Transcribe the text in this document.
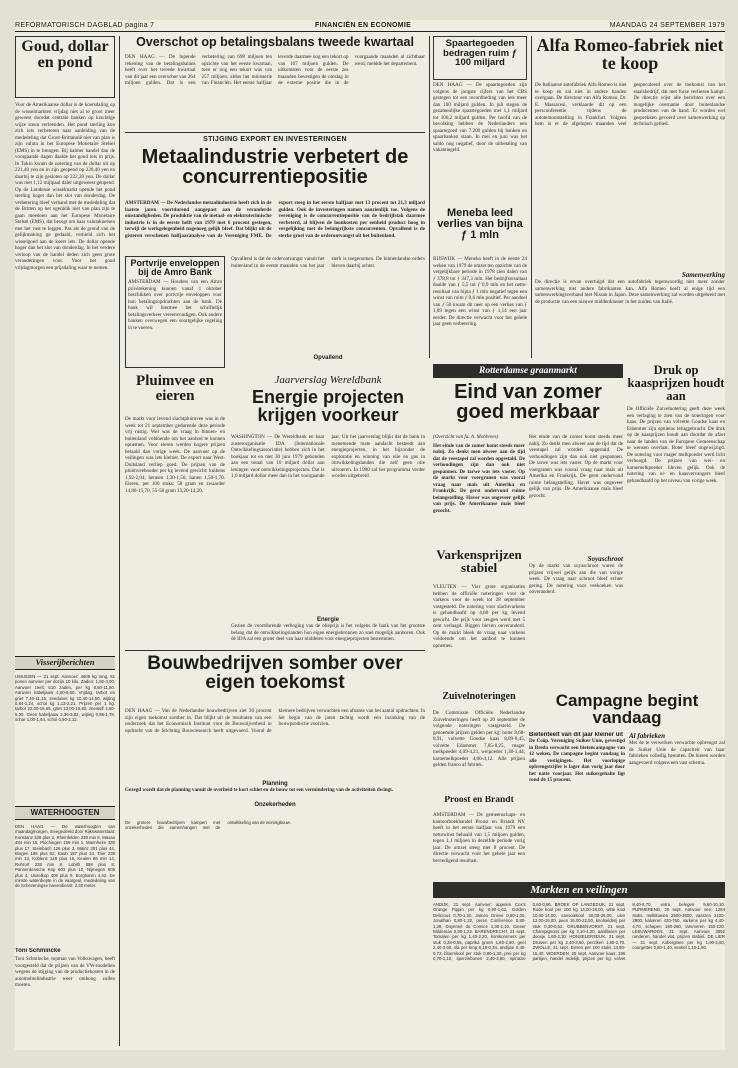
REFORMATORISCH DAGBLAD pagina 7	FINANCIËN EN ECONOMIE	MAANDAG 24 SEPTEMBER 1979
Goud, dollar en pond
Voor de Amerikaanse dollar is de koersdaling op de wisselmarkten vrijdag niet al te groot meer geweest doordat centrale banken op krachtige wijze steun verleenden. Het pond sterling kon zich iets verbeteren naar aanleiding van de mededeling dat Groot-Brittannië niet van plan is zijn valuta in het Europese Monetaire Stelsel (EMS) in te brengen. Bij kalmer handel dan de voorgaande dagen daalde het goud iets in prijs. In Tokio kwam de notering van de dollar uit op 221,40 yen en in zijn geopend op 220,40 yen en daarbij te zijn gesloten op 222,20 yen. De dollar was met 1,12 mijlpaal daler uitgeweest geopend. Op de Londense wisselmarkt opende het pond sterling hoger dan het slot van donderdag. De verbetering bleef verband met de mededeling dat de Britten op het ogenblik niet van plan zijn te gaan meedoen aan het Europese Monetaire Stelsel (EMS), dat besogt om haar valutakoersen met het vast te leggen. Pas als de grond van de gelijkmaking ge gedaald, verhield zich het wisselgoed aan de koers iets. De dollar opende hoger dan het slot van donderdag. In het verdere verloop van de handel deden zich geen grote veranderingen voor. Voor het goud vrijdagmorgen een prijsdaling waar te nemen.
Visserijberichten
IJMUIDEN — 21 sept. Aanvoer: 4609 kg tong, 51 ponen aanvoer per dozijn 10 kilo. Zaden: 1,82-3,00. Aanvoer zeelt: 510 zaden, per kg 8,60-11,80. Aanvoer kabeljauw 4,00-6,60. Vrijdag, tarbot en griet 7,40-11,15, zeeduivel kg 10,40-14,50, wijting 0,84-1,24, schol kg 1,13-2,21. Prijzen per 1 kg: tarbot 22,00-16,65, griet 13,00-15,80, zeewolf 4,60-5,00. Geen kabeljauw 2,36-3,82, wijting 0,86-1,78, schar 1,00-1,64, schol 0,90-2,12.
WATERHOOGTEN
DEN HAAG — De waterhoogten van maandagmorgen, meegedeeld door Rijkswaterstaat: Konstanz 338 plus 2, Rheinfelden 238 min 6, Maxau 484 min 15, Plochingen 159 min 1, Mannheim 330 plus 17, Steinbach 126 plus 2, Mainz 301 plus 44, Bingen 186 plus 62, Kaub 187 plus 34, Trier 238 min 13, Koblenz 148 plus 15, Keulen 86 min 14, Ruhrort 238 min 8, Lobith 898 plus 8, Pannerdensche Kop 603 plus 10, Nijmegen 605 plus 4, IJsselkop 409 plus 9, Borgharen 4.42. De minste waterdiepte in de vaargeul, mededeling van de Scheveningse havendienst: 2,30 meter.
Toni Schmincke
Toni Schmincke, topman van Volkswagen, heeft voorgesteld dat de prijzen van de VW-modellen wegens de stijging van de productiekosten in de automobielindustrie weer omhoog zullen moeten.
Overschot op betalingsbalans tweede kwartaal
DEN HAAG — De lopende rekening van de betalingsbalans heeft over het tweede kwartaal van dit jaar een overschot van 264 miljoen gulden. Dat is een verbetering van 698 miljoen ten opzichte van het eerste kwartaal, toen er nog een tekort was van 257 miljoen, aldus het ministerie van Financiën. Het eerste halfjaar leverde daarmee nog een tekort op van 107 miljoen gulden. De uitkomsten voor de eerste zes maanden bevestigen de omslag in de externe positie die in de voorgaande maanden al zichtbaar werd, meldde het departement.
STIJGING EXPORT EN INVESTERINGEN
Metaalindustrie verbetert de concurrentiepositie
AMSTERDAM — De Nederlandse metaalindustrie heeft zich in de laatste jaren voortdurend aangepast aan de veranderde omstandigheden. De produktie van de metaal- en elektrotechnische industrie is in de eerste helft van 1979 met 6 procent gestegen, terwijl de werkgelegenheid nagenoeg gelijk bleef. Dat blijkt uit de gisteren verschenen halfjaaranalyse van de Vereniging FME. De export steeg in het eerste halfjaar met 13 procent tot 21,3 miljard gulden. Ook de investeringen namen aanzienlijk toe. Volgens de vereniging is de concurrentiepositie van de bedrijfstak daarmee verbeterd, al blijven de loonkosten per eenheid product hoog in vergelijking met de belangrijkste concurrenten. Opvallend is de sterke groei van de orderontvangst uit het buitenland.
Portvrije enveloppen bij de Amro Bank
AMSTERDAM — Houders van een Amro privérekening kunnen vanaf 1 oktober beschikken over portvrije enveloppen voor hun betalingsopdrachten aan de bank. De bank wil hiermee het schriftelijk betalingsverkeer vereenvoudigen. Ook andere banken overwegen een soortgelijke regeling in te voeren.
Opvallend is dat de orderontvangst vanuit het buitenland in de eerste maanden van het jaar sterk is toegenomen. De binnenlandse orders bleven daarbij achter.
Opvallend
Pluimvee en eieren
De markt voor levend slachtpluimvee was in de week tot 21 september gedurende deze periode vrij rustig. Wel was de vraag in binnen- en buitenland voldoende om het aanbod te kunnen opnemen. Voor eieren werden hogere prijzen betaald dan vorige week. De aanvoer op de veilingen was iets kleiner. De export naar West-Duitsland verliep goed. De prijzen van de pluimveehouder per kg levend gewicht: kuikens 1,92-2,04, hennen 1,30-1,50, hanen 1,50-1,70. Eieren, per 100 stuks: 58 gram en zwaarder 14,80-15,70, 55-58 gram 13,20-14,20.
Jaarverslag Wereldbank
Energie projecten krijgen voorkeur
WASHINGTON — De Wereldbank en haar zusterorganisatie IDA (Internationale Ontwikkelingsassociatie) hebben zich in het boekjaar tot en met 30 juni 1979 gebonden aan een totaal van 10 miljard dollar aan leningen voor ontwikkelingsprojecten. Dat is 1,6 miljard dollar meer dan in het voorgaande jaar. Uit het jaarverslag blijkt dat de bank in toenemende mate aandacht besteedt aan energieprojecten, in het bijzonder de exploratie en winning van olie en gas in ontwikkelingslanden die zelf geen olie uitvoeren. In 1980 zal het programma verder worden uitgebreid.
Energie
Gezien de voortdurende verhoging van de olieprijs is het volgens de bank van het grootste belang dat de ontwikkelingslanden hun eigen energiebronnen zo snel mogelijk aanboren. Ook de IDA zal een groter deel van haar middelen voor energieprojecten bestemmen.
Bouwbedrijven somber over eigen toekomst
DEN HAAG — Van de Nederlandse bouwbedrijven ziet 30 procent zijn eigen toekomst somber in. Dat blijkt uit de resultaten van een onderzoek dat het Economisch Instituut voor de Bouwnijverheid in opdracht van de Stichting Bouwresearch heeft uitgevoerd. Vooral de kleinere bedrijven verwachten een afname van het aantal opdrachten. In het begin van de jaren tachtig wordt een inzinking van de bouwproductie voorzien.
Planning
Gezegd wordt dat de planning vanuit de overheid te kort schiet en de bouw tot een vermindering van de activiteiten dwingt.
Onzekerheden
De grotere bouwbedrijven kampen met onzekerheden die samenhangen met de ontwikkeling van de woningbouw.
Spaartegoeden bedragen ruim ƒ 100 miljard
DEN HAAG — De spaartegoeden zijn volgens de jongste cijfers van het CBS gestegen tot een recordbedrag van iets meer dan 100 miljard gulden. In juli stegen de gezamenlijke spaartegoeden met 1,1 miljard tot 100,2 miljard gulden. Per hoofd van de bevolking hebben de Nederlanders een spaartegoed van 7.200 gulden bij banken en spaarbanken staan. In mei en juni was het saldo nog negatief, door de uitbetaling van vakantiegeld.
Meneba leed verlies van bijna ƒ 1 mln
RIJSWIJK — Meneba heeft in de eerste 24 weken van 1979 de omzet ten opzichte van de vergelijkbare periode in 1978 zien dalen van ƒ 378,8 tot ƒ 347,3 mln. Het bedrijfsresultaat daalde van ƒ 5,5 tot ƒ 0,9 mln en het netto-resultaat van bijna ƒ 1 mln negatief tegen een winst van ruim ƒ 0,6 mln positief. Per aandeel van ƒ 50 kwam dit neer op een verlies van ƒ 1,89 tegen een winst van ƒ 1,14 een jaar eerder. De directie verwacht voor het gehele jaar geen verbetering.
Alfa Romeo-fabriek niet te koop
De Italiaanse autofabriek Alfa Romeo is niet te koop en zal niet in andere handen overgaan. De directeur van Alfa Romeo, Dr. E. Massacesi, verklaarde dit op een persconferentie tijdens de autotentoonstelling in Frankfurt. Volgens hem is er de afgelopen maanden veel gespeculeerd over de toekomst van het staatsbedrijf, dat met forse verliezen kampt. De directie wijst alle berichten over een mogelijke overname door buitenlandse producenten van de hand. Er worden wel gesprekken gevoerd over samenwerking op technisch gebied.
Samenwerking
De directie is ervan overtuigd dat een autofabriek tegenwoordig niet meer zonder samenwerking met andere fabrikanten kan. Alfa Romeo heeft al enige tijd een samenwerkingsverband met Nissan in Japan. Deze samenwerking zal worden uitgebreid met de productie van een nieuwe middenklasser in het zuiden van Italië.
Rotterdamse graanmarkt
Eind van zomer goed merkbaar
(Overzicht van fa. A. Mobbrees)
Het einde van de zomer komt steeds meer nabij. Zo denkt men alweer aan de tijd dat de veestapel zal worden opgestald. De verhoudingen zijn dan ook niet gespannen. De tarwe was iets vaster. Op de markt voor voergranen was vooral vraag naar maïs uit Amerika en Frankrijk. De gerst ondervond ruime belangstelling. Haver was ongeveer gelijk van prijs. De Amerikaanse maïs bleef gezocht.
Het einde van de zomer komt steeds meer nabij. Zo denkt men alweer aan de tijd dat de veestapel zal worden opgestald. De verhoudingen zijn dan ook niet gespannen. De tarwe was iets vaster. Op de markt voor voergranen was vooral vraag naar maïs uit Amerika en Frankrijk. De gerst ondervond ruime belangstelling. Haver was ongeveer gelijk van prijs. De Amerikaanse maïs bleef gezocht.
Soyaschroot
Op de markt van soyaschroot waren de prijzen vrijwel gelijk aan die van vorige week. De vraag naar schroot bleef echter gering. De notering voor veekoeken was onveranderd.
Varkensprijzen stabiel
VLEUTEN — Vier grote organisaties hebben de officiële noteringen voor de varkens voor de week tot 28 september vastgesteld. De notering voor slachtvarkens is gehandhaafd op 4,60 per kg levend gewicht. De prijs voor zeugen werd met 5 cent verlaagd. Biggen bleven onveranderd. Op de markt bleek de vraag naar varkens voldoende om het aanbod te kunnen opnemen.
Druk op kaasprijzen houdt aan
De Officiële Zuivelnotering geeft deze week een verlaging te zien van de noteringen voor kaas. De prijzen van volvette Goudse kaas en Edammer zijn opnieuw teruggebracht. De druk op de kaasprijzen houdt aan doordat de afzet naar de landen van de Europese Gemeenschap te wensen overlaat. Boter bleef ongewijzigd. De notering voor mager melkpoeder werd licht verhoogd. De prijzen van wei- en karnemelkpoeder bleven gelijk. Ook de notering van ei- en kaasvervangers bleef gehandhaafd op het niveau van vorige week.
Zuivelnoteringen
De Commissie Officiële Nederlandse Zuivelnoteringen heeft op 20 september de volgende noteringen vastgesteld. De genoemde prijzen gelden per kg: boter 8,68-8,91, volvette Goudse kaas 8,09-8,45, volvette Edammer 7,85-8,25, mager melkpoeder 4,09-4,21, weipoeder 1,38-1,44, karnemelkpoeder 4,00-4,12. Alle prijzen gelden franco af fabriek.
Proost en Brandt
AMSTERDAM — De gemeenschaps- en kantoorboekhandel Proost en Brandt NV heeft in het eerste halfjaar van 1979 een nettowinst behaald van 1,5 miljoen gulden, tegen 1,1 miljoen in dezelfde periode vorig jaar. De omzet steeg met 8 procent. De directie verwacht voor het gehele jaar een bevredigend resultaat.
Campagne begint vandaag
Bietenteelt van dit jaar kleiner uit
De Coöp. Vereniging Suiker Unie, gevestigd in Breda verwacht een bietencampagne van 12 weken. De campagne begint vandaag in alle vestigingen. Het voorlopige opbrengstcijfer is lager dan vorig jaar door het natte voorjaar. Het suikergehalte ligt rond de 15 procent.
Al fabrieken
Met de te verwerken verwachte opbrengst zal de Suiker Unie de capaciteit van haar fabrieken volledig benutten. De bieten worden aangevoerd volgens een vast schema.
Markten en veilingen
ANDIJK, 21 sept. Aanvoer: appelen Cox's Orange Pippin per kg 0,90-1,62, Golden Delicious 0,70-1,20, James Grieve 0,60-1,00, Jonathan 0,80-1,32, peren Conference 0,80-1,28, Doyenné du Comice 1,30-2,10, Gieser Wildeman 0,90-1,22. BARENDRECHT, 21 sept. Tomaten per kg 1,40-2,20, komkommers per stuk 0,28-0,55, paprika groen 1,80-2,60, geel 2,40-3,60, sla per krop 0,18-0,34, andijvie 0,40-0,72, bloemkool per stuk 0,80-1,30, prei per kg 0,70-1,10, sperziebonen 2,40-3,80, spinazie 0,60-0,96. BROEK OP LANGEDIJK, 21 sept. Rode kool per 100 kg 14,00-18,00, witte kool 10,00-14,00, savooiekool 20,00-26,00, uien 12,00-16,00, peen 16,00-22,00, knolselderij per stuk 0,30-0,52. GRUBBENVORST, 21 sept. Champignons per kg 3,10-4,20, aardbeien per doosje 1,60-2,30. HONSELERSDIJK, 21 sept. Druiven per kg 2,40-3,60, perziken 1,80-2,70. ZWOLLE, 21 sept. Eieren per 100 stuks 13,80-15,40. WOERDEN, 20 sept. Aanvoer kaas: 186 partijen, handel redelijk, prijzen per kg: volvet 8,40-8,70, extra belegen 9,60-10,10. PURMEREND, 20 sept. Aanvoer vee: 1284 stuks, melkkoeien 2500-3600, vaarzen 2100-2900, kalveren 420-760, varkens per kg 4,40-4,70, schapen 190-260, lammeren 150-220. LEEUWARDEN, 21 sept. Aanvoer 3892 runderen, handel vlot, prijzen stabiel. DE LIER — 21 sept. Aubergines per kg 1,90-2,60, courgettes 0,80-1,40, venkel 1,10-1,80.
